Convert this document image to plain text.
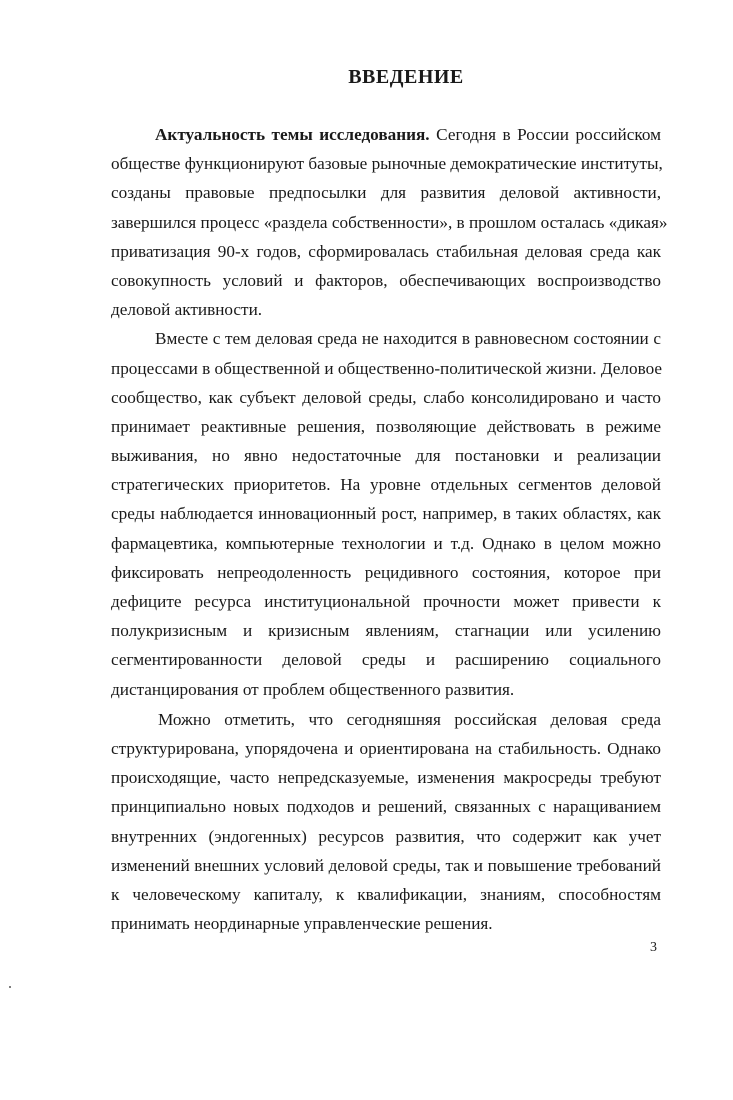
ВВЕДЕНИЕ
Актуальность темы исследования. Сегодня в России российском
обществе функционируют базовые рыночные демократические институты,
созданы правовые предпосылки для развития деловой активности,
завершился процесс «раздела собственности», в прошлом осталась «дикая»
приватизация 90-х годов, сформировалась стабильная деловая среда как
совокупность условий и факторов, обеспечивающих воспроизводство
деловой активности.
Вместе с тем деловая среда не находится в равновесном состоянии с
процессами в общественной и общественно-политической жизни. Деловое
сообщество, как субъект деловой среды, слабо консолидировано и часто
принимает реактивные решения, позволяющие действовать в режиме
выживания, но явно недостаточные для постановки и реализации
стратегических приоритетов. На уровне отдельных сегментов деловой
среды наблюдается инновационный рост, например, в таких областях, как
фармацевтика, компьютерные технологии и т.д. Однако в целом можно
фиксировать непреодоленность рецидивного состояния, которое при
дефиците ресурса институциональной прочности может привести к
полукризисным и кризисным явлениям, стагнации или усилению
сегментированности деловой среды и расширению социального
дистанцирования от проблем общественного развития.
Можно отметить, что сегодняшняя российская деловая среда
структурирована, упорядочена и ориентирована на стабильность. Однако
происходящие, часто непредсказуемые, изменения макросреды требуют
принципиально новых подходов и решений, связанных с наращиванием
внутренних (эндогенных) ресурсов развития, что содержит как учет
изменений внешних условий деловой среды, так и повышение требований
к человеческому капиталу, к квалификации, знаниям, способностям
принимать неординарные управленческие решения.
3
